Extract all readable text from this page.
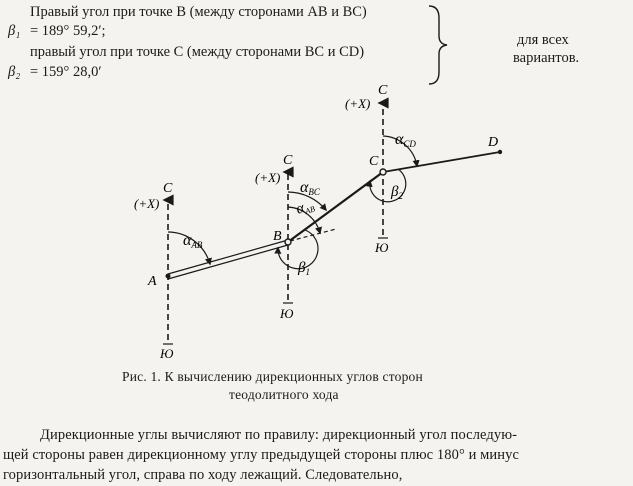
Правый угол при точке B (между сторонами AB и BC)
β₁ = 189° 59,2′;
правый угол при точке C (между сторонами BC и CD)
β₂ = 159° 28,0′
для всех
вариантов.
A
B
C
D
C
(+X)
C
(+X)
C
(+X)
Ю
Ю
Ю
αAB
αBC
$\alpha_{AB}$
αCD
$\beta_1$
$\beta_2$
Рис. 1. К вычислению дирекционных углов сторон
теодолитного хода
Дирекционные углы вычисляют по правилу: дирекционный угол последую-
щей стороны равен дирекционному углу предыдущей стороны плюс 180° и минус
горизонтальный угол, справа по ходу лежащий. Следовательно,
